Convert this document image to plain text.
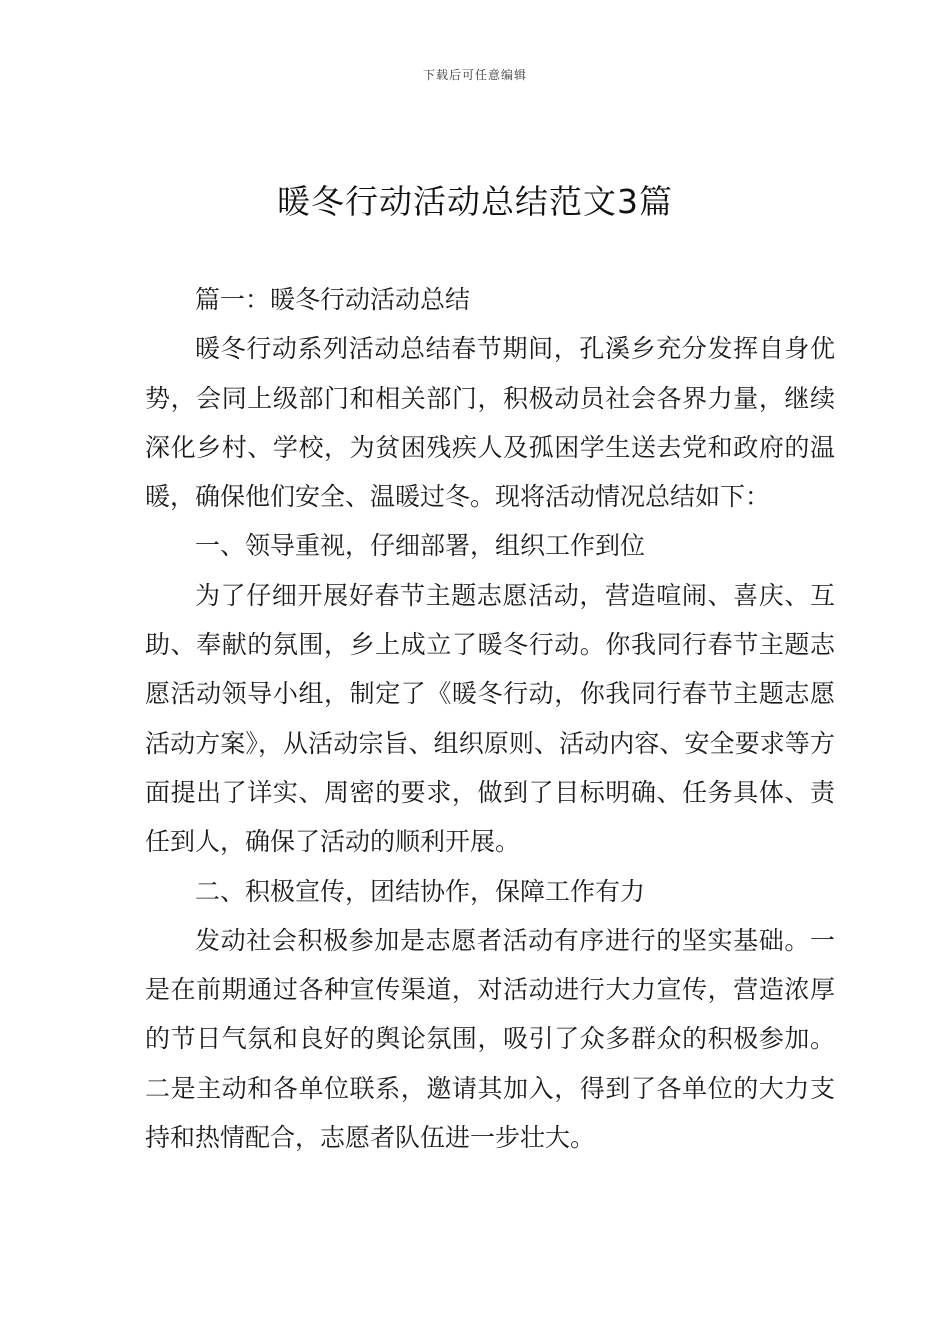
下载后可任意编辑
暖冬行动活动总结范文3篇

篇一：暖冬行动活动总结

暖冬行动系列活动总结春节期间，孔溪乡充分发挥自身优势，会同上级部门和相关部门，积极动员社会各界力量，继续深化乡村、学校，为贫困残疾人及孤困学生送去党和政府的温暖，确保他们安全、温暖过冬。现将活动情况总结如下：

一、领导重视，仔细部署，组织工作到位

为了仔细开展好春节主题志愿活动，营造喧闹、喜庆、互助、奉献的氛围，乡上成立了暖冬行动。你我同行春节主题志愿活动领导小组，制定了《暖冬行动，你我同行春节主题志愿活动方案》，从活动宗旨、组织原则、活动内容、安全要求等方面提出了详实、周密的要求，做到了目标明确、任务具体、责任到人，确保了活动的顺利开展。

二、积极宣传，团结协作，保障工作有力

发动社会积极参加是志愿者活动有序进行的坚实基础。一是在前期通过各种宣传渠道，对活动进行大力宣传，营造浓厚的节日气氛和良好的舆论氛围，吸引了众多群众的积极参加。二是主动和各单位联系，邀请其加入，得到了各单位的大力支持和热情配合，志愿者队伍进一步壮大。
